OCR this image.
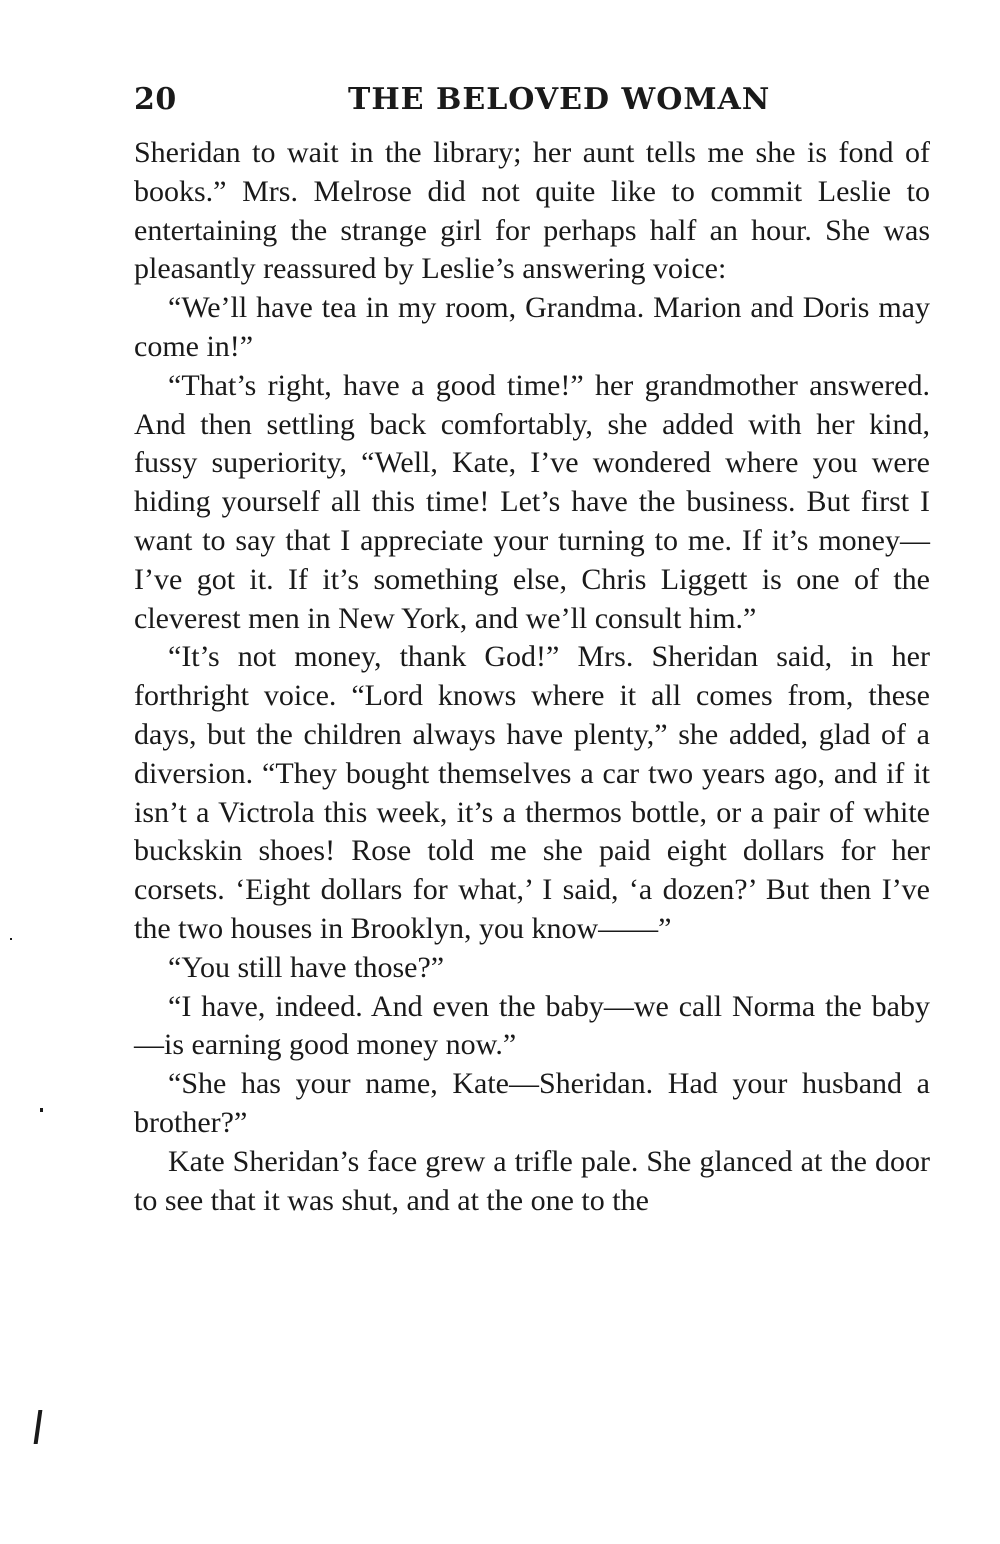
20	THE BELOVED WOMAN

Sheridan to wait in the library; her aunt tells me she is fond of books.” Mrs. Melrose did not quite like to commit Leslie to entertaining the strange girl for perhaps half an hour. She was pleasantly reassured by Leslie’s answering voice:

“We’ll have tea in my room, Grandma. Marion and Doris may come in!”

“That’s right, have a good time!” her grandmother answered. And then settling back comfortably, she added with her kind, fussy superiority, “Well, Kate, I’ve wondered where you were hiding yourself all this time! Let’s have the business. But first I want to say that I appreciate your turning to me. If it’s money—I’ve got it. If it’s something else, Chris Liggett is one of the cleverest men in New York, and we’ll consult him.”

“It’s not money, thank God!” Mrs. Sheridan said, in her forthright voice. “Lord knows where it all comes from, these days, but the children always have plenty,” she added, glad of a diversion. “They bought themselves a car two years ago, and if it isn’t a Victrola this week, it’s a thermos bottle, or a pair of white buckskin shoes! Rose told me she paid eight dollars for her corsets. ‘Eight dollars for what,’ I said, ‘a dozen?’ But then I’ve the two houses in Brooklyn, you know——”

“You still have those?”

“I have, indeed. And even the baby—we call Norma the baby—is earning good money now.”

“She has your name, Kate—Sheridan. Had your husband a brother?”

Kate Sheridan’s face grew a trifle pale. She glanced at the door to see that it was shut, and at the one to the
